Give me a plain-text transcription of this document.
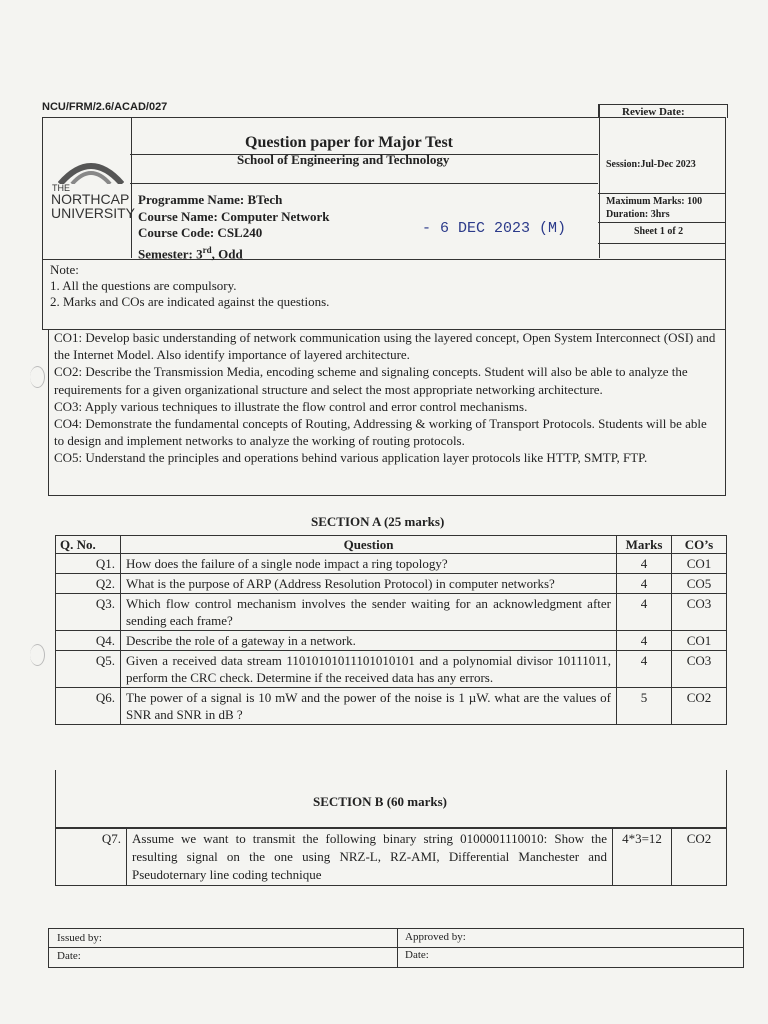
NCU/FRM/2.6/ACAD/027	Review Date:
THE
NORTHCAP
UNIVERSITY
Question paper for Major Test
School of Engineering and Technology	Session:Jul-Dec 2023
Maximum Marks: 100
Duration: 3hrs
Sheet 1 of 2
Programme Name: BTech
Course Name: Computer Network
Course Code: CSL240
Semester: 3rd, Odd
- 6 DEC 2023 (M)
Note:
1. All the questions are compulsory.
2. Marks and COs are indicated against the questions.
CO1: Develop basic understanding of network communication using the layered concept, Open System Interconnect (OSI) and the Internet Model. Also identify importance of layered architecture.
CO2: Describe the Transmission Media, encoding scheme and signaling concepts. Student will also be able to analyze the requirements for a given organizational structure and select the most appropriate networking architecture.
CO3: Apply various techniques to illustrate the flow control and error control mechanisms.
CO4: Demonstrate the fundamental concepts of Routing, Addressing & working of Transport Protocols. Students will be able to design and implement networks to analyze the working of routing protocols.
CO5: Understand the principles and operations behind various application layer protocols like HTTP, SMTP, FTP.
SECTION A (25 marks)
Q. No.	Question	Marks	CO’s
Q1.	How does the failure of a single node impact a ring topology?	4	CO1
Q2.	What is the purpose of ARP (Address Resolution Protocol) in computer networks?	4	CO5
Q3.	Which flow control mechanism involves the sender waiting for an acknowledgment after sending each frame?	4	CO3
Q4.	Describe the role of a gateway in a network.	4	CO1
Q5.	Given a received data stream 11010101011101010101 and a polynomial divisor 10111011, perform the CRC check. Determine if the received data has any errors.	4	CO3
Q6.	The power of a signal is 10 mW and the power of the noise is 1 µW. what are the values of SNR and SNR in dB ?	5	CO2
SECTION B (60 marks)
Q7.	Assume we want to transmit the following binary string 0100001110010: Show the resulting signal on the one using NRZ-L, RZ-AMI, Differential Manchester and Pseudoternary line coding technique	4*3=12	CO2
Issued by:	Approved by:
Date:	Date:
